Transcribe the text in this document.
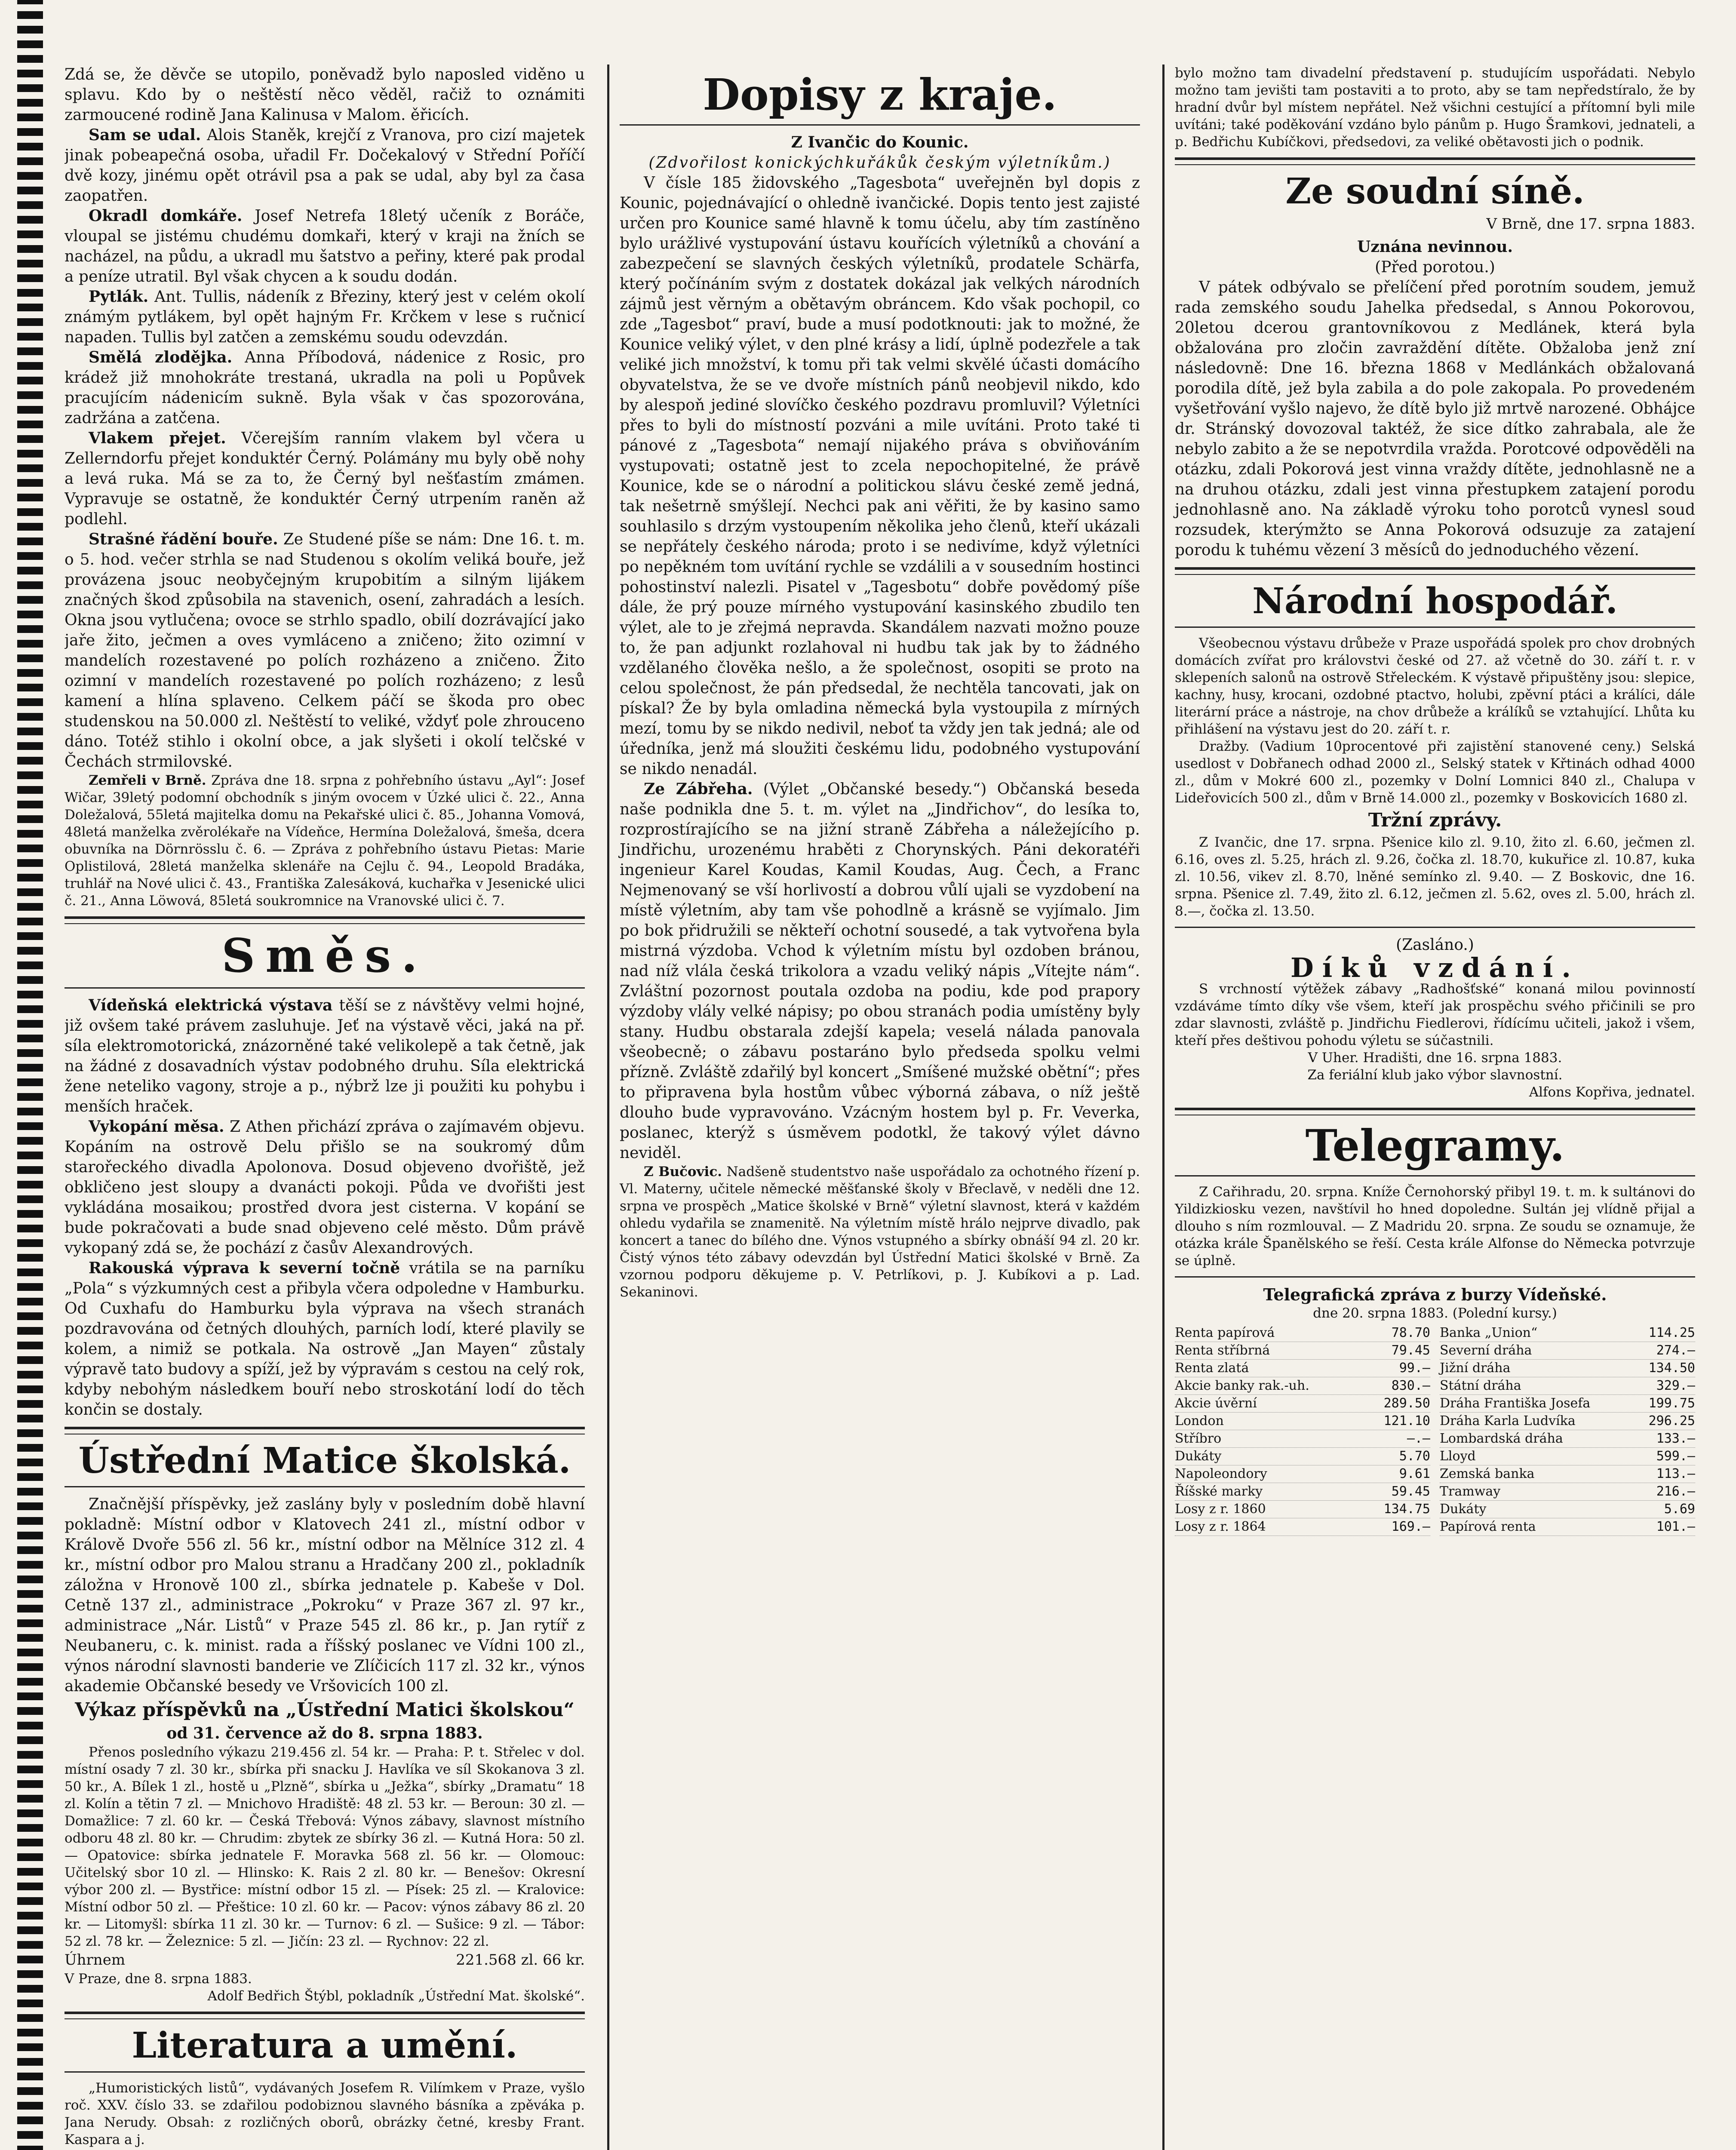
Zdá se, že děvče se utopilo, poněvadž bylo naposled viděno u splavu. Kdo by o neštěstí něco věděl, račiž to oznámiti zarmoucené rodině Jana Kalinusa v Malom. ěřicích.

Sam se udal. Alois Staněk, krejčí z Vranova, pro cizí majetek jinak pobeapečná osoba, uřadil Fr. Dočekalový v Střední Poříčí dvě kozy, jinému opět otrávil psa a pak se udal, aby byl za časa zaopatřen.

Okradl domkáře. Josef Netrefa 18letý učeník z Boráče, vloupal se jistému chudému domkaři, který v kraji na žních se nacházel, na půdu, a ukradl mu šatstvo a peřiny, které pak prodal a peníze utratil. Byl však chycen a k soudu dodán.

Pytlák. Ant. Tullis, nádeník z Březiny, který jest v celém okolí známým pytlákem, byl opět hajným Fr. Krčkem v lese s ručnicí napaden. Tullis byl zatčen a zemskému soudu odevzdán.

Smělá zlodějka. Anna Příbodová, nádenice z Rosic, pro krádež již mnohokráte trestaná, ukradla na poli u Popůvek pracujícím nádenicím sukně. Byla však v čas spozorována, zadržána a zatčena.

Vlakem přejet. Včerejším ranním vlakem byl včera u Zellerndorfu přejet konduktér Černý. Polámány mu byly obě nohy a levá ruka. Má se za to, že Černý byl nešťastím zmámen. Vypravuje se ostatně, že konduktér Černý utrpením raněn až podlehl.

Strašné řádění bouře. Ze Studené píše se nám: Dne 16. t. m. o 5. hod. večer strhla se nad Studenou s okolím veliká bouře, jež provázena jsouc neobyčejným krupobitím a silným lijákem značných škod způsobila na stavenich, osení, zahradách a lesích. Okna jsou vytlučena; ovoce se strhlo spadlo, obilí dozrávající jako jaře žito, ječmen a oves vymláceno a zničeno; žito ozimní v mandelích rozestavené po polích rozházeno a zničeno. Žito ozimní v mandelích rozestavené po polích rozházeno; z lesů kamení a hlína splaveno. Celkem páčí se škoda pro obec studenskou na 50.000 zl. Neštěstí to veliké, vždyť pole zhrouceno dáno. Totéž stihlo i okolní obce, a jak slyšeti i okolí telčské v Čechách strmilovské.

Zemřeli v Brně. Zpráva dne 18. srpna z pohřebního ústavu „Ayl“: Josef Wičar, 39letý podomní obchodník s jiným ovocem v Úzké ulici č. 22., Anna Doležalová, 55letá majitelka domu na Pekařské ulici č. 85., Johanna Vomová, 48letá manželka zvěrolékaře na Vídeňce, Hermína Doležalová, šmeša, dcera obuvníka na Dörnrösslu č. 6. — Zpráva z pohřebního ústavu Pietas: Marie Oplistilová, 28letá manželka sklenáře na Cejlu č. 94., Leopold Bradáka, truhlář na Nové ulici č. 43., Františka Zalesáková, kuchařka v Jesenické ulici č. 21., Anna Löwová, 85letá soukromnice na Vranovské ulici č. 7.

Směs.

Vídeňská elektrická výstava těší se z návštěvy velmi hojné, již ovšem také právem zasluhuje. Jeť na výstavě věci, jaká na př. síla elektromotorická, znázorněné také velikolepě a tak četně, jak na žádné z dosavadních výstav podobného druhu. Síla elektrická žene neteliko vagony, stroje a p., nýbrž lze ji použiti ku pohybu i menších hraček.

Vykopání měsa. Z Athen přichází zpráva o zajímavém objevu. Kopáním na ostrově Delu přišlo se na soukromý dům starořeckého divadla Apolonova. Dosud objeveno dvořiště, jež obkličeno jest sloupy a dvanácti pokoji. Půda ve dvořišti jest vykládána mosaikou; prostřed dvora jest cisterna. V kopání se bude pokračovati a bude snad objeveno celé město. Dům právě vykopaný zdá se, že pochází z časův Alexandrových.

Rakouská výprava k severní točně vrátila se na parníku „Pola“ s výzkumných cest a přibyla včera odpoledne v Hamburku. Od Cuxhafu do Hamburku byla výprava na všech stranách pozdravována od četných dlouhých, parních lodí, které plavily se kolem, a nimiž se potkala. Na ostrově „Jan Mayen“ zůstaly výpravě tato budovy a spíží, jež by výpravám s cestou na celý rok, kdyby nebohým následkem bouří nebo stroskotání lodí do těch končin se dostaly.

Ústřední Matice školská.

Značnější příspěvky, jež zaslány byly v posledním době hlavní pokladně: Místní odbor v Klatovech 241 zl., místní odbor v Králově Dvoře 556 zl. 56 kr., místní odbor na Mělníce 312 zl. 4 kr., místní odbor pro Malou stranu a Hradčany 200 zl., pokladník záložna v Hronově 100 zl., sbírka jednatele p. Kabeše v Dol. Cetně 137 zl., administrace „Pokroku“ v Praze 367 zl. 97 kr., administrace „Nár. Listů“ v Praze 545 zl. 86 kr., p. Jan rytíř z Neubaneru, c. k. minist. rada a říšský poslanec ve Vídni 100 zl., výnos národní slavnosti banderie ve Zlíčicích 117 zl. 32 kr., výnos akademie Občanské besedy ve Vršovicích 100 zl.

Výkaz příspěvků na „Ústřední Matici školskou“
od 31. července až do 8. srpna 1883.

Přenos posledního výkazu 219.456 zl. 54 kr. — Praha: P. t. Střelec v dol. místní osady 7 zl. 30 kr., sbírka při snacku J. Havlíka ve síl Skokanova 3 zl. 50 kr., A. Bílek 1 zl., hostě u „Plzně“, sbírka u „Ježka“, sbírky „Dramatu“ 18 zl. Kolín a tětin 7 zl. — Mnichovo Hradiště: 48 zl. 53 kr. — Beroun: 30 zl. — Domažlice: 7 zl. 60 kr. — Česká Třebová: Výnos zábavy, slavnost místního odboru 48 zl. 80 kr. — Chrudim: zbytek ze sbírky 36 zl. — Kutná Hora: 50 zl. — Opatovice: sbírka jednatele F. Moravka 568 zl. 56 kr. — Olomouc: Učitelský sbor 10 zl. — Hlinsko: K. Rais 2 zl. 80 kr. — Benešov: Okresní výbor 200 zl. — Bystřice: místní odbor 15 zl. — Písek: 25 zl. — Kralovice: Místní odbor 50 zl. — Přeštice: 10 zl. 60 kr. — Pacov: výnos zábavy 86 zl. 20 kr. — Litomyšl: sbírka 11 zl. 30 kr. — Turnov: 6 zl. — Sušice: 9 zl. — Tábor: 52 zl. 78 kr. — Železnice: 5 zl. — Jičín: 23 zl. — Rychnov: 22 zl.

Úhrnem	221.568 zl. 66 kr.
V Praze, dne 8. srpna 1883.
Adolf Bedřich Štýbl, pokladník „Ústřední Mat. školské“.
Literatura a umění.

„Humoristických listů“, vydávaných Josefem R. Vilímkem v Praze, vyšlo roč. XXV. číslo 33. se zdařilou podobiznou slavného básníka a zpěváka p. Jana Nerudy. Obsah: z rozličných oborů, obrázky četné, kresby Frant. Kaspara a j.

Dopisy z kraje.
Z Ivančic do Kounic.
(Zdvořilost konickýchkuřákůk českým výletníkům.)

V čísle 185 židovského „Tagesbota“ uveřejněn byl dopis z Kounic, pojednávající o ohledně ivančické. Dopis tento jest zajisté určen pro Kounice samé hlavně k tomu účelu, aby tím zastíněno bylo urážlivé vystupování ústavu kouřících výletníků a chování a zabezpečení se slavných českých výletníků, prodatele Schärfa, který počínáním svým z dostatek dokázal jak velkých národních zájmů jest věrným a obětavým obráncem. Kdo však pochopil, co zde „Tagesbot“ praví, bude a musí podotknouti: jak to možné, že Kounice veliký výlet, v den plné krásy a lidí, úplně podezřele a tak veliké jich množství, k tomu při tak velmi skvělé účasti domácího obyvatelstva, že se ve dvoře místních pánů neobjevil nikdo, kdo by alespoň jediné slovíčko českého pozdravu promluvil? Výletníci přes to byli do místností pozváni a mile uvítáni. Proto také ti pánové z „Tagesbota“ nemají nijakého práva s obviňováním vystupovati; ostatně jest to zcela nepochopitelné, že právě Kounice, kde se o národní a politickou slávu české země jedná, tak nešetrně smýšlejí. Nechci pak ani věřiti, že by kasino samo souhlasilo s drzým vystoupením několika jeho členů, kteří ukázali se nepřátely českého národa; proto i se nedivíme, když výletníci po nepěkném tom uvítání rychle se vzdálili a v sousedním hostinci pohostinství nalezli. Pisatel v „Tagesbotu“ dobře povědomý píše dále, že prý pouze mírného vystupování kasinského zbudilo ten výlet, ale to je zřejmá nepravda. Skandálem nazvati možno pouze to, že pan adjunkt rozlahoval ni hudbu tak jak by to žádného vzdělaného člověka nešlo, a že společnost, osopiti se proto na celou společnost, že pán předsedal, že nechtěla tancovati, jak on pískal? Že by byla omladina německá byla vystoupila z mírných mezí, tomu by se nikdo nedivil, neboť ta vždy jen tak jedná; ale od úředníka, jenž má sloužiti českému lidu, podobného vystupování se nikdo nenadál.

Ze Zábřeha. (Výlet „Občanské besedy.“) Občanská beseda naše podnikla dne 5. t. m. výlet na „Jindřichov“, do lesíka to, rozprostírajícího se na jižní straně Zábřeha a náležejícího p. Jindřichu, urozenému hraběti z Chorynských. Páni dekoratéři ingenieur Karel Koudas, Kamil Koudas, Aug. Čech, a Franc Nejmenovaný se vší horlivostí a dobrou vůlí ujali se vyzdobení na místě výletním, aby tam vše pohodlně a krásně se vyjímalo. Jim po bok přidružili se někteří ochotní sousedé, a tak vytvořena byla mistrná výzdoba. Vchod k výletním místu byl ozdoben bránou, nad níž vlála česká trikolora a vzadu veliký nápis „Vítejte nám“. Zvláštní pozornost poutala ozdoba na podiu, kde pod prapory výzdoby vlály velké nápisy; po obou stranách podia umístěny byly stany. Hudbu obstarala zdejší kapela; veselá nálada panovala všeobecně; o zábavu postaráno bylo předseda spolku velmi přízně. Zvláště zdařilý byl koncert „Smíšené mužské obětní“; přes to připravena byla hostům vůbec výborná zábava, o níž ještě dlouho bude vypravováno. Vzácným hostem byl p. Fr. Veverka, poslanec, kterýž s úsměvem podotkl, že takový výlet dávno neviděl.

Z Bučovic. Nadšeně studentstvo naše uspořádalo za ochotného řízení p. Vl. Materny, učitele německé měšťanské školy v Břeclavě, v neděli dne 12. srpna ve prospěch „Matice školské v Brně“ výletní slavnost, která v každém ohledu vydařila se znamenitě. Na výletním místě hrálo nejprve divadlo, pak koncert a tanec do bílého dne. Výnos vstupného a sbírky obnáší 94 zl. 20 kr. Čistý výnos této zábavy odevzdán byl Ústřední Matici školské v Brně. Za vzornou podporu děkujeme p. V. Petrlíkovi, p. J. Kubíkovi a p. Lad. Sekaninovi.

bylo možno tam divadelní představení p. studujícím uspořádati. Nebylo možno tam jevišti tam postaviti a to proto, aby se tam nepředstíralo, že by hradní dvůr byl místem nepřátel. Než všichni cestující a přítomní byli mile uvítáni; také poděkování vzdáno bylo pánům p. Hugo Šramkovi, jednateli, a p. Bedřichu Kubíčkovi, předsedovi, za veliké obětavosti jich o podnik.

Ze soudní síně.
V Brně, dne 17. srpna 1883.
Uznána nevinnou.
(Před porotou.)

V pátek odbývalo se přelíčení před porotním soudem, jemuž rada zemského soudu Jahelka předsedal, s Annou Pokorovou, 20letou dcerou grantovníkovou z Medlánek, která byla obžalována pro zločin zavraždění dítěte. Obžaloba jenž zní následovně: Dne 16. března 1868 v Medlánkách obžalovaná porodila dítě, jež byla zabila a do pole zakopala. Po provedeném vyšetřování vyšlo najevo, že dítě bylo již mrtvě narozené. Obhájce dr. Stránský dovozoval taktéž, že sice dítko zahrabala, ale že nebylo zabito a že se nepotvrdila vražda. Porotcové odpověděli na otázku, zdali Pokorová jest vinna vraždy dítěte, jednohlasně ne a na druhou otázku, zdali jest vinna přestupkem zatajení porodu jednohlasně ano. Na základě výroku toho porotců vynesl soud rozsudek, kterýmžto se Anna Pokorová odsuzuje za zatajení porodu k tuhému vězení 3 měsíců do jednoduchého vězení.

Národní hospodář.

Všeobecnou výstavu drůbeže v Praze uspořádá spolek pro chov drobných domácích zvířat pro královstvi české od 27. až včetně do 30. září t. r. v sklepeních salonů na ostrově Střeleckém. K výstavě připuštěny jsou: slepice, kachny, husy, krocani, ozdobné ptactvo, holubi, zpěvní ptáci a králíci, dále literární práce a nástroje, na chov drůbeže a králíků se vztahující. Lhůta ku přihlášení na výstavu jest do 20. září t. r.

Dražby. (Vadium 10procentové při zajistění stanovené ceny.) Selská usedlost v Dobřanech odhad 2000 zl., Selský statek v Křtinách odhad 4000 zl., dům v Mokré 600 zl., pozemky v Dolní Lomnici 840 zl., Chalupa v Lideřovicích 500 zl., dům v Brně 14.000 zl., pozemky v Boskovicích 1680 zl.

Tržní zprávy.

Z Ivančic, dne 17. srpna. Pšenice kilo zl. 9.10, žito zl. 6.60, ječmen zl. 6.16, oves zl. 5.25, hrách zl. 9.26, čočka zl. 18.70, kukuřice zl. 10.87, kuka zl. 10.56, vikev zl. 8.70, lněné semínko zl. 9.40. — Z Boskovic, dne 16. srpna. Pšenice zl. 7.49, žito zl. 6.12, ječmen zl. 5.62, oves zl. 5.00, hrách zl. 8.—, čočka zl. 13.50.

(Zasláno.)
Díků vzdání.

S vrchností výtěžek zábavy „Radhošťské“ konaná milou povinností vzdáváme tímto díky vše všem, kteří jak prospěchu svého přičinili se pro zdar slavnosti, zvláště p. Jindřichu Fiedlerovi, řídícímu učiteli, jakož i všem, kteří přes deštivou pohodu výletu se súčastnili.

V Uher. Hradišti, dne 16. srpna 1883.
Za feriální klub jako výbor slavnostní.
Alfons Kopřiva, jednatel.
Telegramy.

Z Cařihradu, 20. srpna. Kníže Černohorský přibyl 19. t. m. k sultánovi do Yildizkiosku vezen, navštívil ho hned dopoledne. Sultán jej vlídně přijal a dlouho s ním rozmlouval. — Z Madridu 20. srpna. Ze soudu se oznamuje, že otázka krále Španělského se řeší. Cesta krále Alfonse do Německa potvrzuje se úplně.

Telegrafická zpráva z burzy Vídeňské.
dne 20. srpna 1883. (Polední kursy.)
Renta papírová	78.70
Renta stříbrná	79.45
Renta zlatá	99.—
Akcie banky rak.-uh.	830.—
Akcie úvěrní	289.50
London	121.10
Stříbro	—.—
Dukáty	5.70
Napoleondory	9.61
Říšské marky	59.45
Losy z r. 1860	134.75
Losy z r. 1864	169.—
Banka „Union“	114.25
Severní dráha	274.—
Jižní dráha	134.50
Státní dráha	329.—
Dráha Františka Josefa	199.75
Dráha Karla Ludvíka	296.25
Lombardská dráha	133.—
Lloyd	599.—
Zemská banka	113.—
Tramway	216.—
Dukáty	5.69
Papírová renta	101.—
